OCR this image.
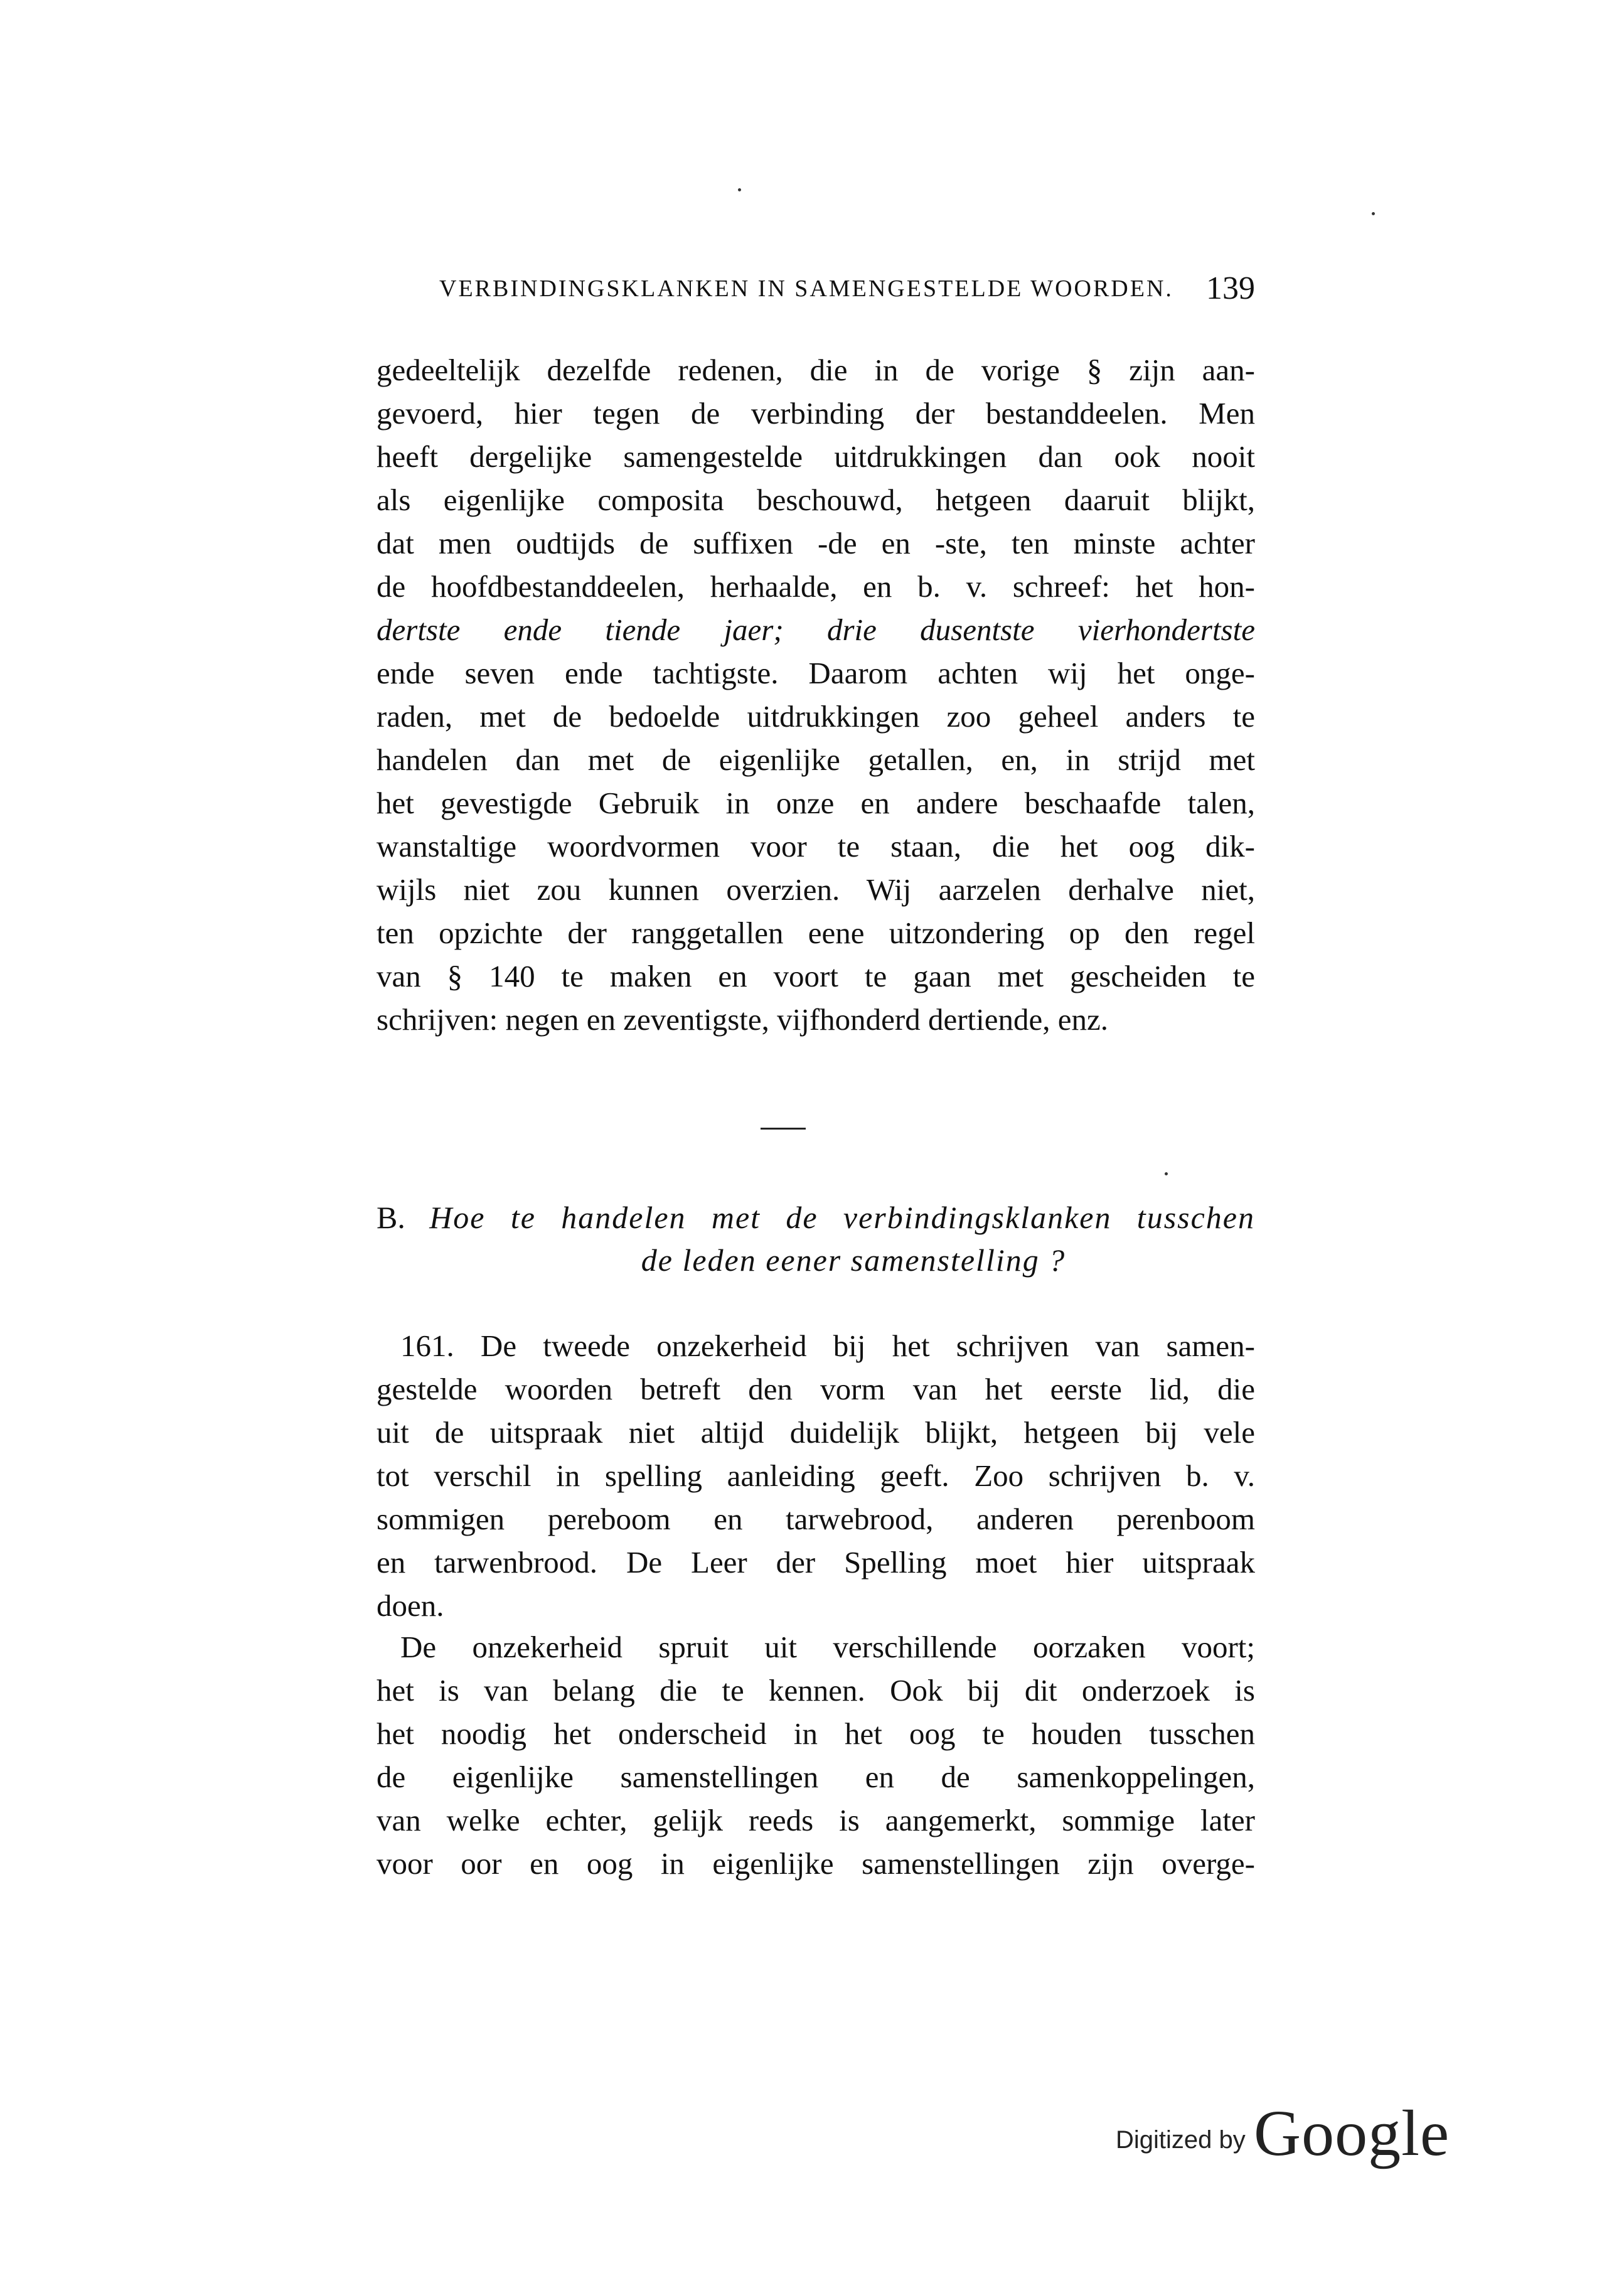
VERBINDINGSKLANKEN IN SAMENGESTELDE WOORDEN. 139
gedeeltelijk dezelfde redenen, die in de vorige § zijn aan-
gevoerd, hier tegen de verbinding der bestanddeelen. Men
heeft dergelijke samengestelde uitdrukkingen dan ook nooit
als eigenlijke composita beschouwd, hetgeen daaruit blijkt,
dat men oudtijds de suffixen -de en -ste, ten minste achter
de hoofdbestanddeelen, herhaalde, en b. v. schreef: het hon-
dertste ende tiende jaer; drie dusentste vierhondertste
ende seven ende tachtigste. Daarom achten wij het onge-
raden, met de bedoelde uitdrukkingen zoo geheel anders te
handelen dan met de eigenlijke getallen, en, in strijd met
het gevestigde Gebruik in onze en andere beschaafde talen,
wanstaltige woordvormen voor te staan, die het oog dik-
wijls niet zou kunnen overzien. Wij aarzelen derhalve niet,
ten opzichte der ranggetallen eene uitzondering op den regel
van § 140 te maken en voort te gaan met gescheiden te
schrijven: negen en zeventigste, vijfhonderd dertiende, enz.
B. Hoe te handelen met de verbindingsklanken tusschen
de leden eener samenstelling ?
161. De tweede onzekerheid bij het schrijven van samen-
gestelde woorden betreft den vorm van het eerste lid, die
uit de uitspraak niet altijd duidelijk blijkt, hetgeen bij vele
tot verschil in spelling aanleiding geeft. Zoo schrijven b. v.
sommigen pereboom en tarwebrood, anderen perenboom
en tarwenbrood. De Leer der Spelling moet hier uitspraak
doen.
De onzekerheid spruit uit verschillende oorzaken voort;
het is van belang die te kennen. Ook bij dit onderzoek is
het noodig het onderscheid in het oog te houden tusschen
de eigenlijke samenstellingen en de samenkoppelingen,
van welke echter, gelijk reeds is aangemerkt, sommige later
voor oor en oog in eigenlijke samenstellingen zijn overge-
Digitized by Google
